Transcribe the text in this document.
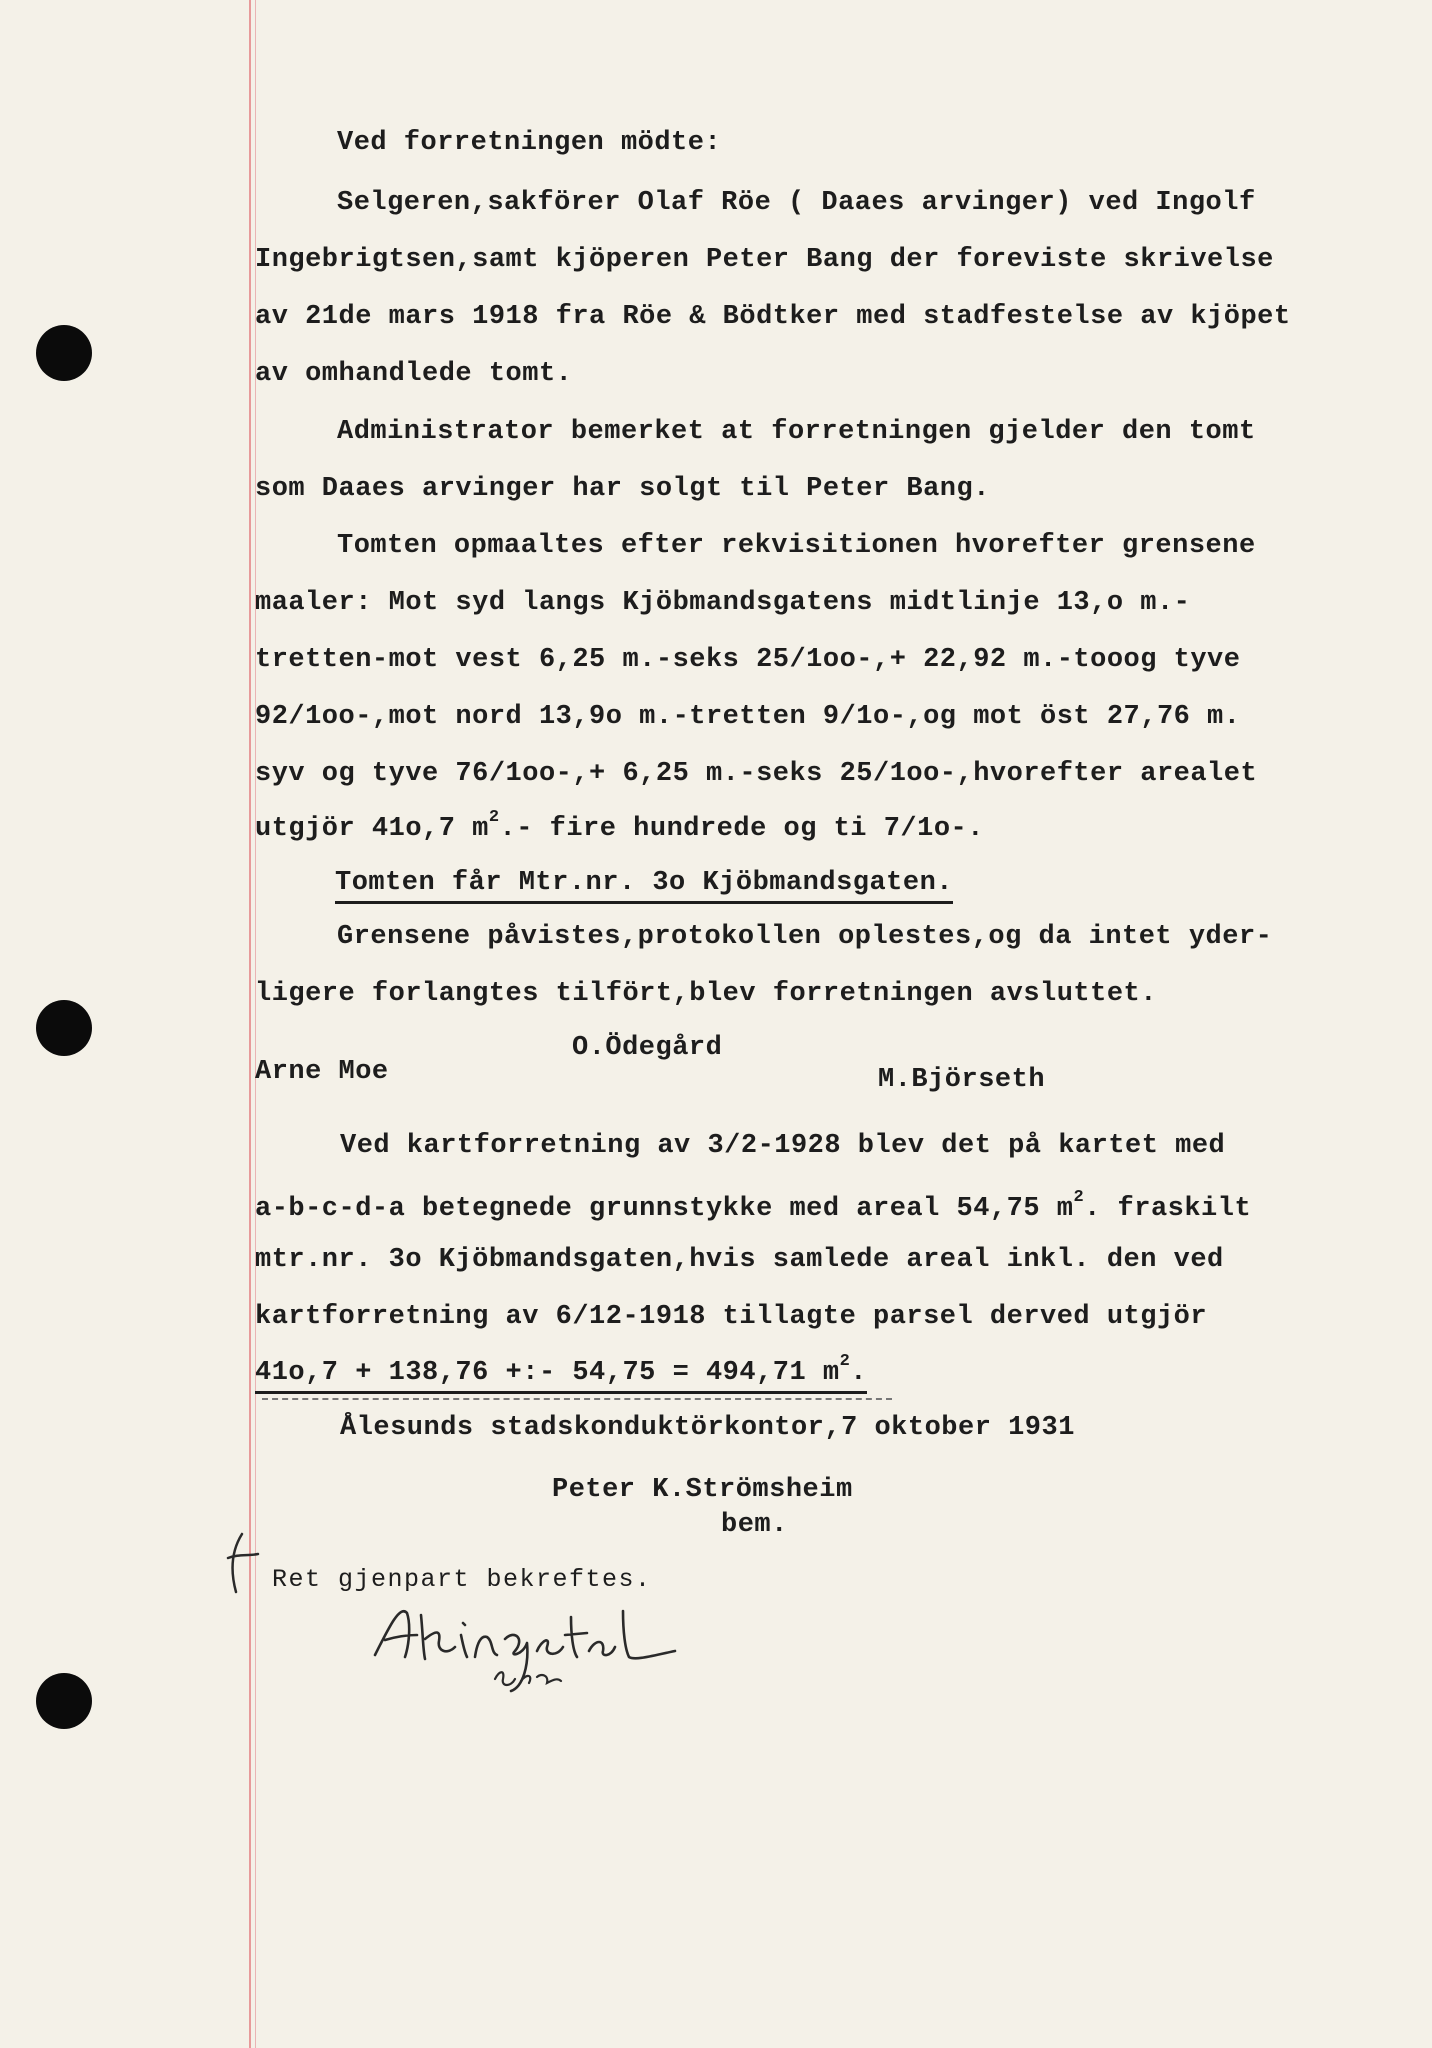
Ved forretningen mödte:
Selgeren,sakförer Olaf Röe ( Daaes arvinger) ved Ingolf
Ingebrigtsen,samt kjöperen Peter Bang der foreviste skrivelse
av 21de mars 1918 fra Röe & Bödtker med stadfestelse av kjöpet
av omhandlede tomt.
Administrator bemerket at forretningen gjelder den tomt
som Daaes arvinger har solgt til Peter Bang.
Tomten opmaaltes efter rekvisitionen hvorefter grensene
maaler: Mot syd langs Kjöbmandsgatens midtlinje 13,o m.-
tretten-mot vest 6,25 m.-seks 25/1oo-,+ 22,92 m.-tooog tyve
92/1oo-,mot nord 13,9o m.-tretten 9/1o-,og mot öst 27,76 m.
syv og tyve 76/1oo-,+ 6,25 m.-seks 25/1oo-,hvorefter arealet
utgjör 41o,7 $m^2.-$ fire hundrede og ti 7/1o-.
Tomten får Mtr.nr. 3o Kjöbmandsgaten.
Grensene påvistes,protokollen oplestes,og da intet yder-
ligere forlangtes tilfört,blev forretningen avsluttet.
O.Ödegård
Arne Moe	M.Björseth
Ved kartforretning av 3/2-1928 blev det på kartet med
a-b-c-d-a betegnede grunnstykke med areal 54,75 $m^2$. fraskilt
mtr.nr. 3o Kjöbmandsgaten,hvis samlede areal inkl. den ved
kartforretning av 6/12-1918 tillagte parsel derved utgjör
41o,7 + 138,76 +:- 54,75 = 494,71 $m^2$.
Ålesunds stadskonduktörkontor,7 oktober 1931
Peter K.Strömsheim
bem.
Ret gjenpart bekreftes.
